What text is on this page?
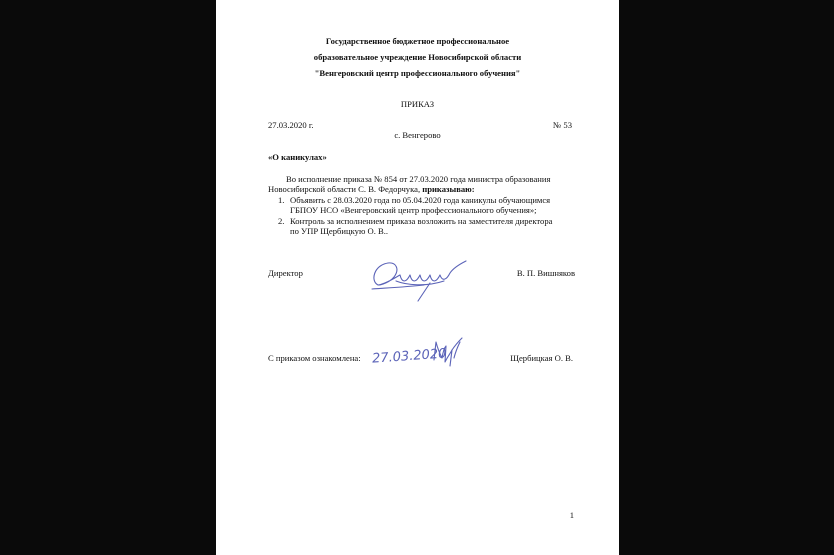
Государственное бюджетное профессиональное
образовательное учреждение Новосибирской области
"Венгеровский центр профессионального обучения"
ПРИКАЗ
27.03.2020 г.	№ 53
с. Венгерово
«О каникулах»
Во исполнение приказа № 854 от 27.03.2020 года министра образования
Новосибирской области С. В. Федорчука, приказываю:
1. Объявить с 28.03.2020 года по 05.04.2020 года каникулы обучающимся
ГБПОУ НСО «Венгеровский центр профессионального обучения»;
2. Контроль за исполнением приказа возложить на заместителя директора
по УПР Щербицкую О. В..
Директор	В. П. Вишняков
С приказом ознакомлена: 27.03.2020	Щербицкая О. В.
1
